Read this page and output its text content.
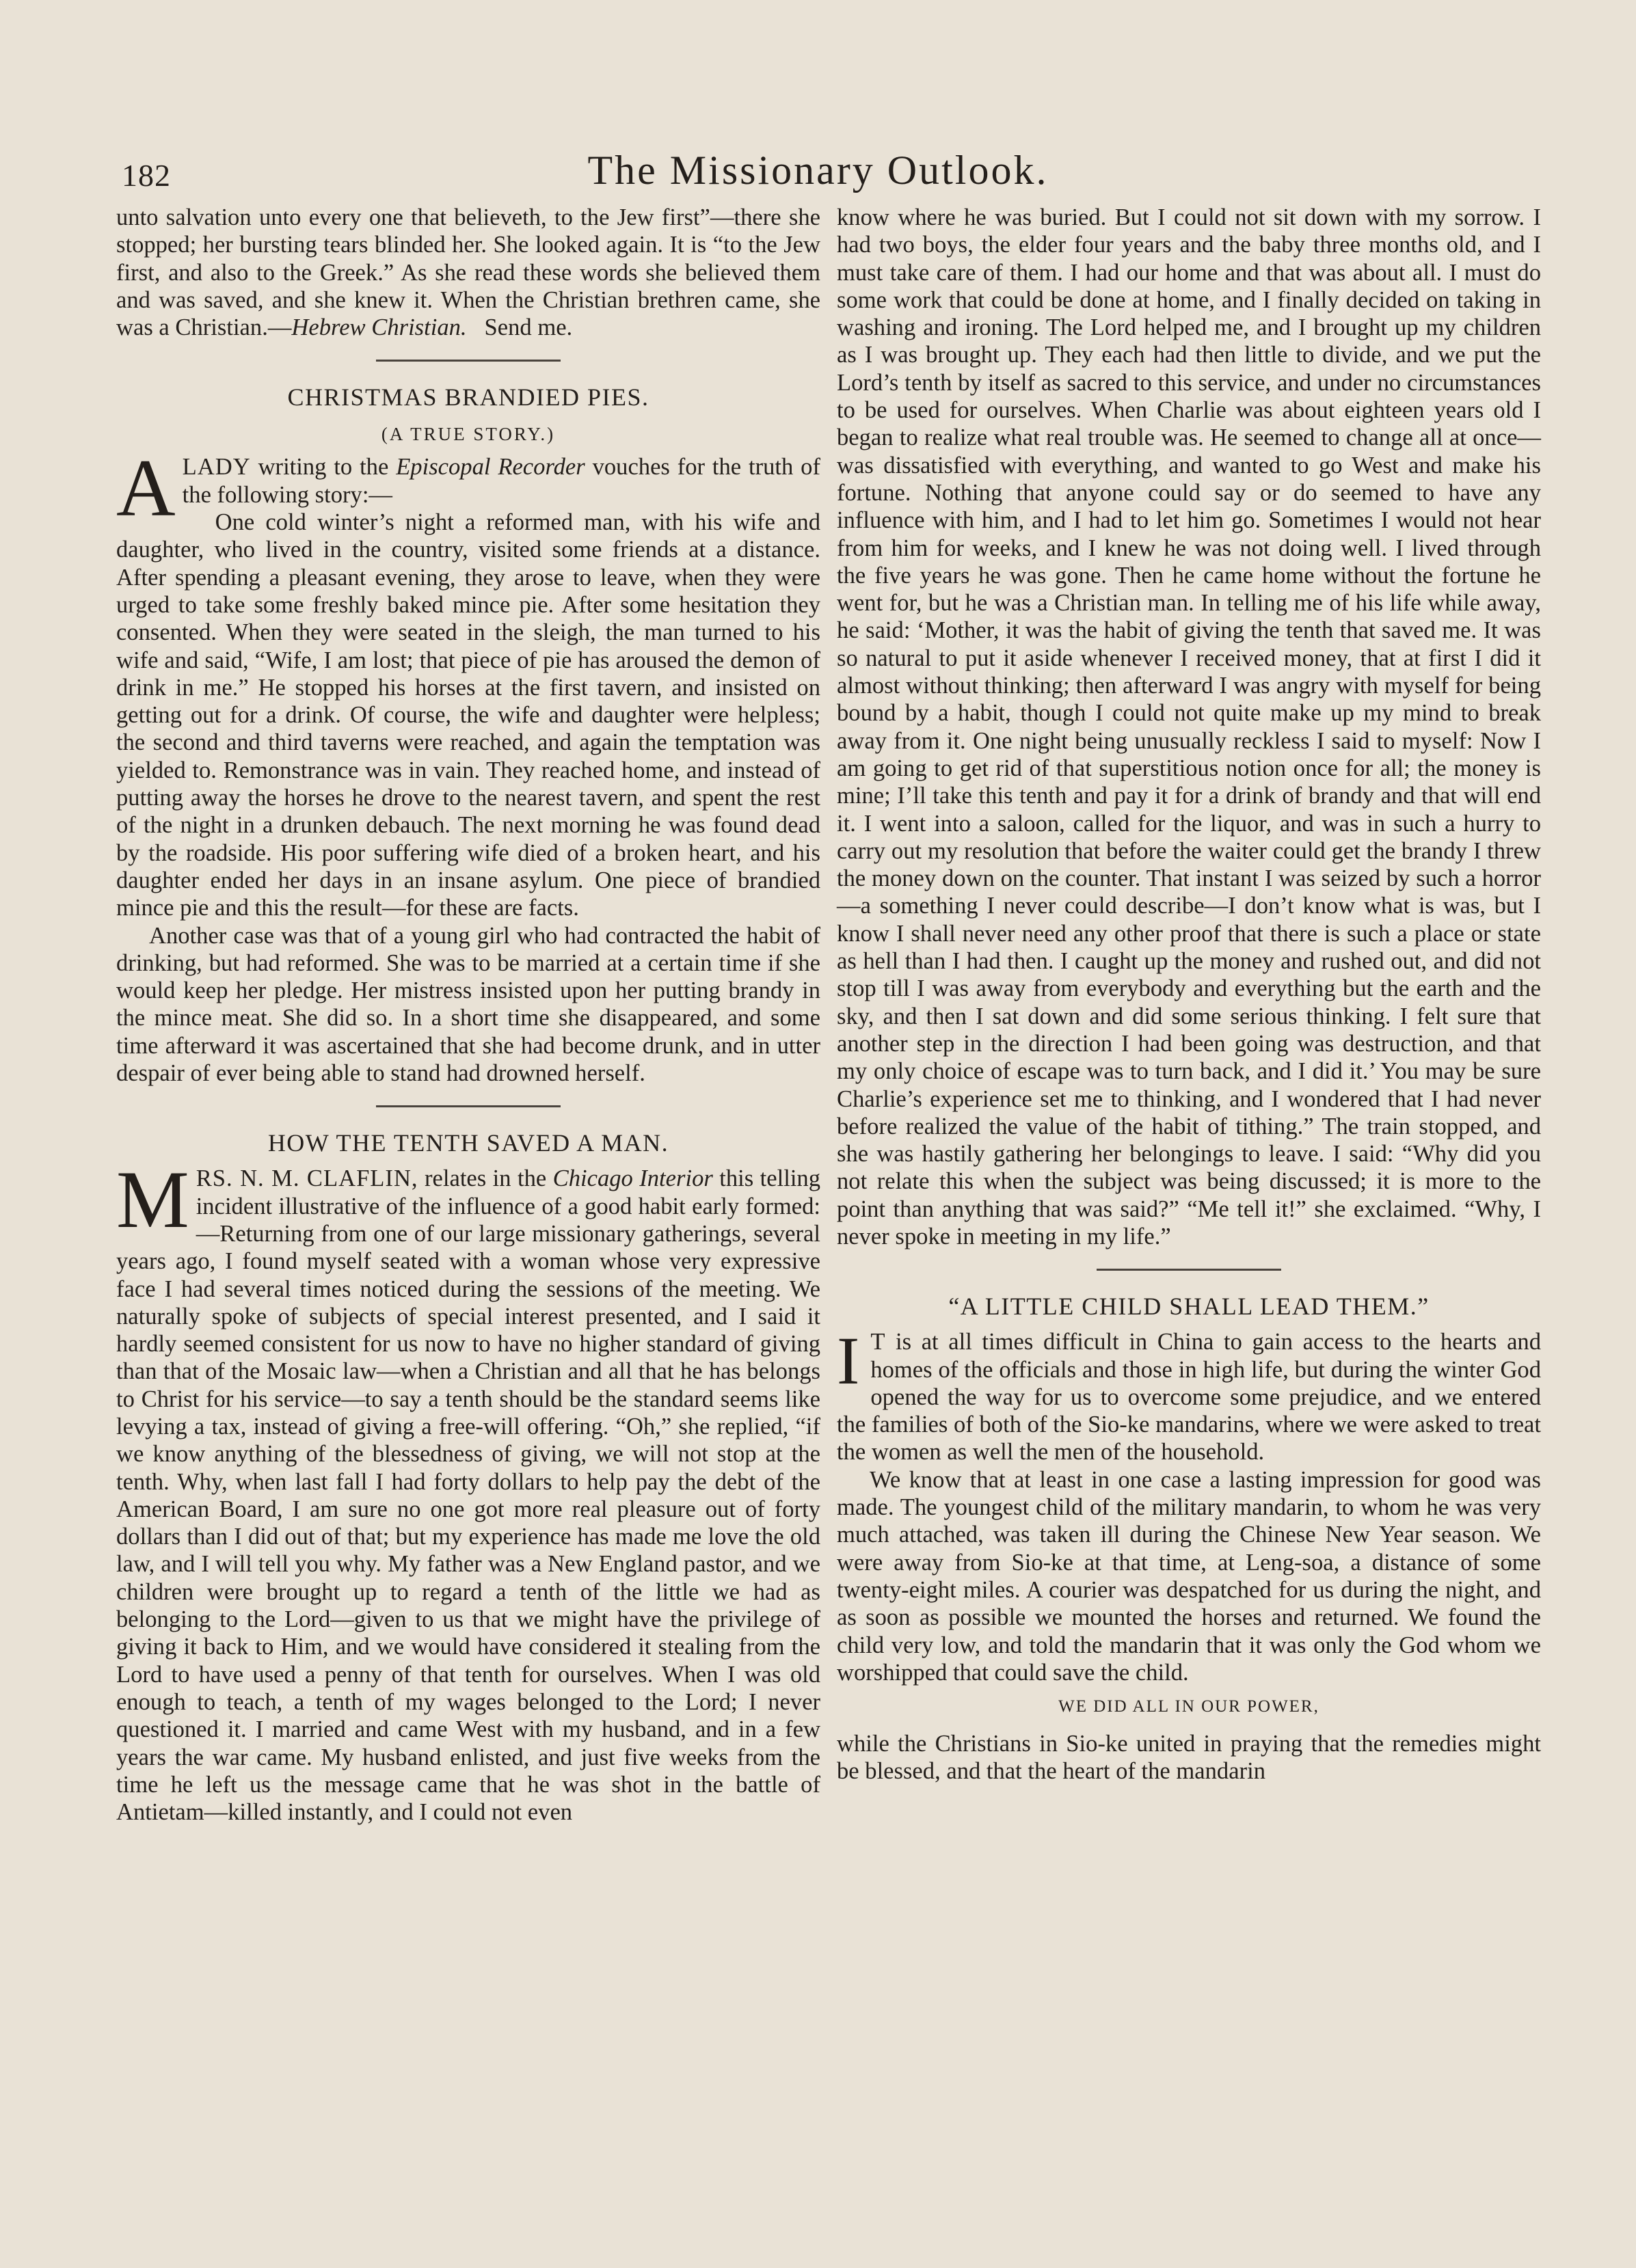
182	The Missionary Outlook.

unto salvation unto every one that believeth, to the Jew first”—there she stopped; her bursting tears blinded her. She looked again. It is “to the Jew first, and also to the Greek.” As she read these words she believed them and was saved, and she knew it. When the Christian brethren came, she was a Christian.—Hebrew Christian. Send me.

CHRISTMAS BRANDIED PIES.
(A TRUE STORY.)

ALADY writing to the Episcopal Recorder vouches for the truth of the following story:—

One cold winter’s night a reformed man, with his wife and daughter, who lived in the country, visited some friends at a distance. After spending a pleasant evening, they arose to leave, when they were urged to take some freshly baked mince pie. After some hesitation they consented. When they were seated in the sleigh, the man turned to his wife and said, “Wife, I am lost; that piece of pie has aroused the demon of drink in me.” He stopped his horses at the first tavern, and insisted on getting out for a drink. Of course, the wife and daughter were helpless; the second and third taverns were reached, and again the temptation was yielded to. Remonstrance was in vain. They reached home, and instead of putting away the horses he drove to the nearest tavern, and spent the rest of the night in a drunken debauch. The next morning he was found dead by the roadside. His poor suffering wife died of a broken heart, and his daughter ended her days in an insane asylum. One piece of brandied mince pie and this the result—for these are facts.

Another case was that of a young girl who had contracted the habit of drinking, but had reformed. She was to be married at a certain time if she would keep her pledge. Her mistress insisted upon her putting brandy in the mince meat. She did so. In a short time she disappeared, and some time afterward it was ascertained that she had become drunk, and in utter despair of ever being able to stand had drowned herself.

HOW THE TENTH SAVED A MAN.

MRS. N. M. CLAFLIN, relates in the Chicago Interior this telling incident illustrative of the influence of a good habit early formed:—Returning from one of our large missionary gatherings, several years ago, I found myself seated with a woman whose very expressive face I had several times noticed during the sessions of the meeting. We naturally spoke of subjects of special interest presented, and I said it hardly seemed consistent for us now to have no higher standard of giving than that of the Mosaic law—when a Christian and all that he has belongs to Christ for his service—to say a tenth should be the standard seems like levying a tax, instead of giving a free-will offering. “Oh,” she replied, “if we know anything of the blessedness of giving, we will not stop at the tenth. Why, when last fall I had forty dollars to help pay the debt of the American Board, I am sure no one got more real pleasure out of forty dollars than I did out of that; but my experience has made me love the old law, and I will tell you why. My father was a New England pastor, and we children were brought up to regard a tenth of the little we had as belonging to the Lord—given to us that we might have the privilege of giving it back to Him, and we would have considered it stealing from the Lord to have used a penny of that tenth for ourselves. When I was old enough to teach, a tenth of my wages belonged to the Lord; I never questioned it. I married and came West with my husband, and in a few years the war came. My husband enlisted, and just five weeks from the time he left us the message came that he was shot in the battle of Antietam—killed instantly, and I could not even

know where he was buried. But I could not sit down with my sorrow. I had two boys, the elder four years and the baby three months old, and I must take care of them. I had our home and that was about all. I must do some work that could be done at home, and I finally decided on taking in washing and ironing. The Lord helped me, and I brought up my children as I was brought up. They each had then little to divide, and we put the Lord’s tenth by itself as sacred to this service, and under no circumstances to be used for ourselves. When Charlie was about eighteen years old I began to realize what real trouble was. He seemed to change all at once—was dissatisfied with everything, and wanted to go West and make his fortune. Nothing that anyone could say or do seemed to have any influence with him, and I had to let him go. Sometimes I would not hear from him for weeks, and I knew he was not doing well. I lived through the five years he was gone. Then he came home without the fortune he went for, but he was a Christian man. In telling me of his life while away, he said: ‘Mother, it was the habit of giving the tenth that saved me. It was so natural to put it aside whenever I received money, that at first I did it almost without thinking; then afterward I was angry with myself for being bound by a habit, though I could not quite make up my mind to break away from it. One night being unusually reckless I said to myself: Now I am going to get rid of that superstitious notion once for all; the money is mine; I’ll take this tenth and pay it for a drink of brandy and that will end it. I went into a saloon, called for the liquor, and was in such a hurry to carry out my resolution that before the waiter could get the brandy I threw the money down on the counter. That instant I was seized by such a horror—a something I never could describe—I don’t know what is was, but I know I shall never need any other proof that there is such a place or state as hell than I had then. I caught up the money and rushed out, and did not stop till I was away from everybody and everything but the earth and the sky, and then I sat down and did some serious thinking. I felt sure that another step in the direction I had been going was destruction, and that my only choice of escape was to turn back, and I did it.’ You may be sure Charlie’s experience set me to thinking, and I wondered that I had never before realized the value of the habit of tithing.” The train stopped, and she was hastily gathering her belongings to leave. I said: “Why did you not relate this when the subject was being discussed; it is more to the point than anything that was said?” “Me tell it!” she exclaimed. “Why, I never spoke in meeting in my life.”

“A LITTLE CHILD SHALL LEAD THEM.”

I T is at all times difficult in China to gain access to the hearts and homes of the officials and those in high life, but during the winter God opened the way for us to overcome some prejudice, and we entered the families of both of the Sio-ke mandarins, where we were asked to treat the women as well the men of the household.

We know that at least in one case a lasting impression for good was made. The youngest child of the military mandarin, to whom he was very much attached, was taken ill during the Chinese New Year season. We were away from Sio-ke at that time, at Leng-soa, a distance of some twenty-eight miles. A courier was despatched for us during the night, and as soon as possible we mounted the horses and returned. We found the child very low, and told the mandarin that it was only the God whom we worshipped that could save the child.

WE DID ALL IN OUR POWER,

while the Christians in Sio-ke united in praying that the remedies might be blessed, and that the heart of the mandarin
